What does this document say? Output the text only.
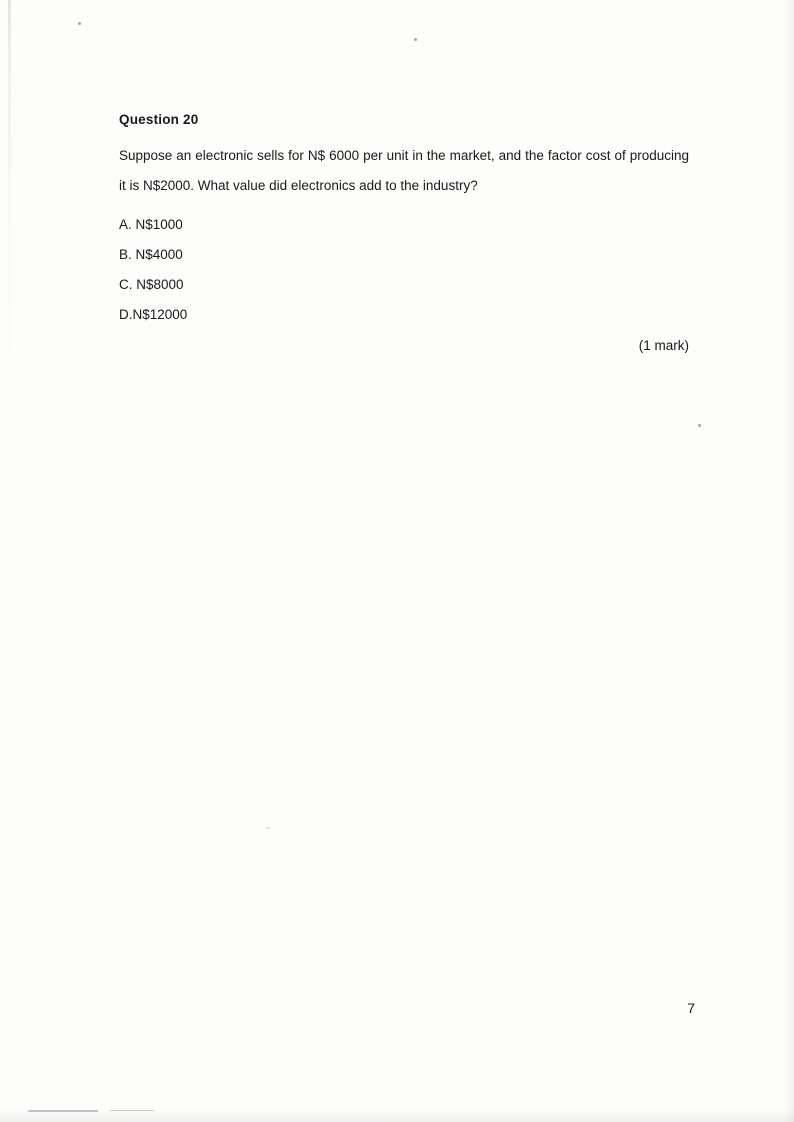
Question 20

Suppose an electronic sells for N$ 6000 per unit in the market, and the factor cost of producing it is N$2000. What value did electronics add to the industry?

A. N$1000
B. N$4000
C. N$8000
D.N$12000
(1 mark)
7
